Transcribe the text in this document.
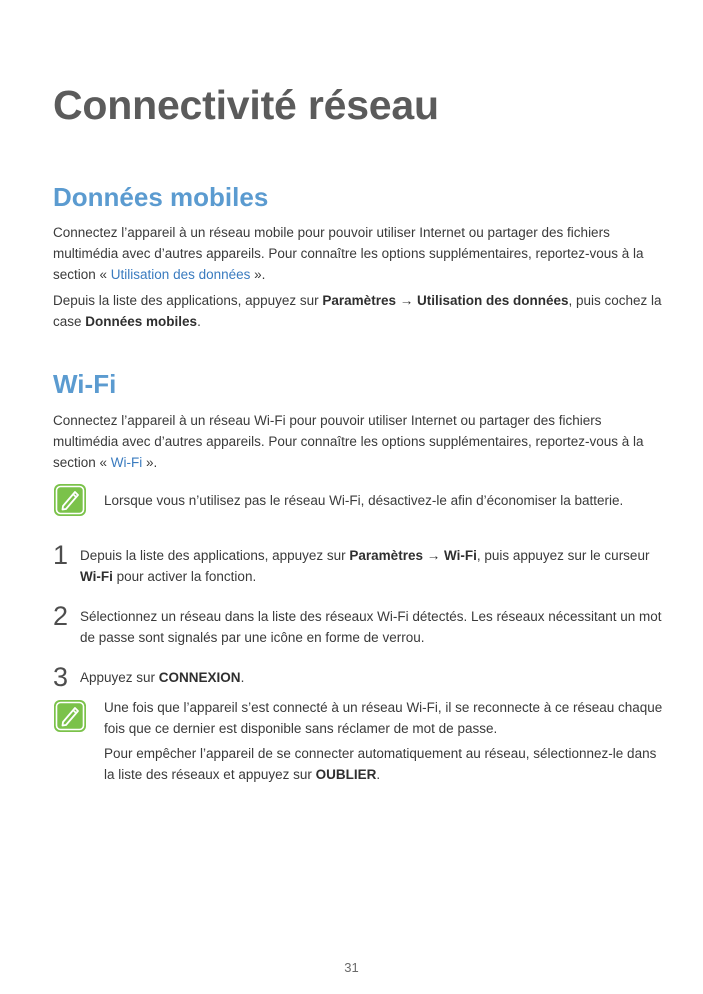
Connectivité réseau
Données mobiles
Connectez l’appareil à un réseau mobile pour pouvoir utiliser Internet ou partager des fichiers
multimédia avec d’autres appareils. Pour connaître les options supplémentaires, reportez-vous à la
section « Utilisation des données ».
Depuis la liste des applications, appuyez sur Paramètres → Utilisation des données, puis cochez la
case Données mobiles.
Wi-Fi
Connectez l’appareil à un réseau Wi-Fi pour pouvoir utiliser Internet ou partager des fichiers
multimédia avec d’autres appareils. Pour connaître les options supplémentaires, reportez-vous à la
section « Wi-Fi ».
Lorsque vous n’utilisez pas le réseau Wi-Fi, désactivez-le afin d’économiser la batterie.
1 Depuis la liste des applications, appuyez sur Paramètres → Wi-Fi, puis appuyez sur le curseur
Wi-Fi pour activer la fonction.
2 Sélectionnez un réseau dans la liste des réseaux Wi-Fi détectés. Les réseaux nécessitant un mot
de passe sont signalés par une icône en forme de verrou.
3 Appuyez sur CONNEXION.
Une fois que l’appareil s’est connecté à un réseau Wi-Fi, il se reconnecte à ce réseau chaque
fois que ce dernier est disponible sans réclamer de mot de passe.
Pour empêcher l’appareil de se connecter automatiquement au réseau, sélectionnez-le dans
la liste des réseaux et appuyez sur OUBLIER.
31
